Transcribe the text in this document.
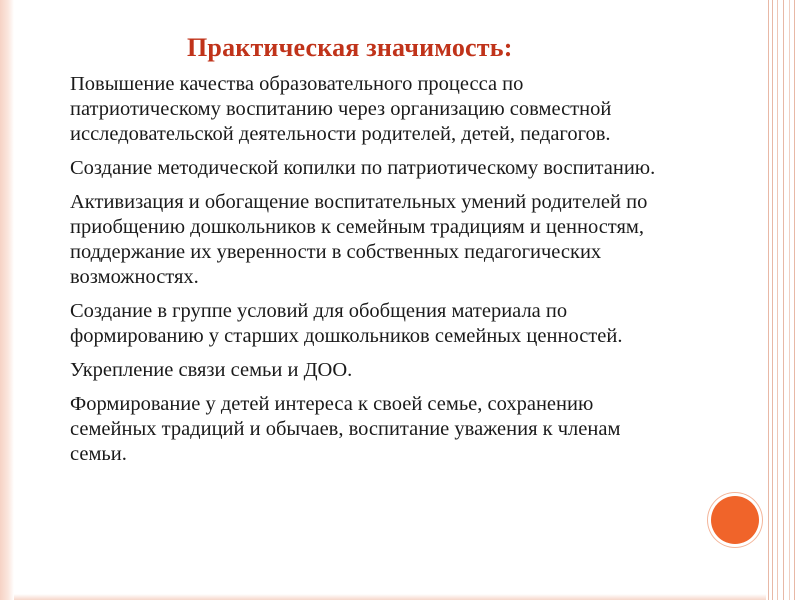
Практическая значимость:
Повышение качества образовательного процесса по патриотическому воспитанию через организацию совместной исследовательской деятельности родителей, детей, педагогов.
Создание методической копилки по патриотическому воспитанию.
Активизация и обогащение воспитательных умений родителей по приобщению дошкольников к семейным традициям и ценностям, поддержание их уверенности в собственных педагогических возможностях.
Создание в группе условий для обобщения материала по формированию у старших дошкольников семейных ценностей.
Укрепление связи семьи и ДОО.
Формирование у детей интереса к своей семье, сохранению семейных традиций и обычаев, воспитание уважения к членам семьи.
